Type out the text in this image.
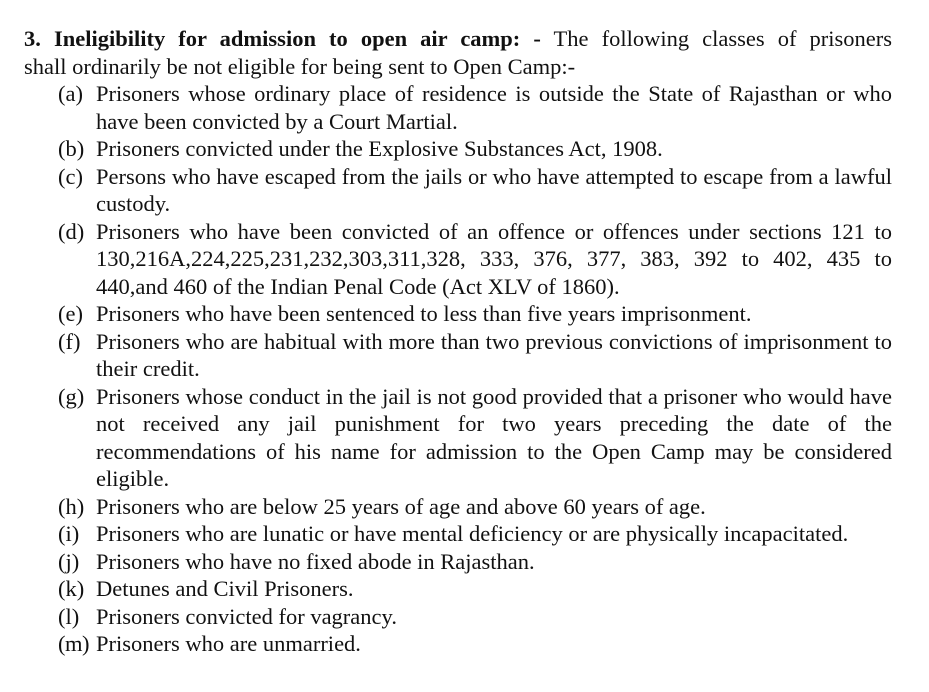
3. Ineligibility for admission to open air camp: - The following classes of prisoners
shall ordinarily be not eligible for being sent to Open Camp:-

(a) Prisoners whose ordinary place of residence is outside the State of Rajasthan or who have been convicted by a Court Martial.
(b) Prisoners convicted under the Explosive Substances Act, 1908.
(c) Persons who have escaped from the jails or who have attempted to escape from a lawful custody.
(d) Prisoners who have been convicted of an offence or offences under sections 121 to 130,216A,224,225,231,232,303,311,328, 333, 376, 377, 383, 392 to 402, 435 to 440,and 460 of the Indian Penal Code (Act XLV of 1860).
(e) Prisoners who have been sentenced to less than five years imprisonment.
(f) Prisoners who are habitual with more than two previous convictions of imprisonment to their credit.
(g) Prisoners whose conduct in the jail is not good provided that a prisoner who would have not received any jail punishment for two years preceding the date of the recommendations of his name for admission to the Open Camp may be considered eligible.
(h) Prisoners who are below 25 years of age and above 60 years of age.
(i) Prisoners who are lunatic or have mental deficiency or are physically incapacitated.
(j) Prisoners who have no fixed abode in Rajasthan.
(k) Detunes and Civil Prisoners.
(l) Prisoners convicted for vagrancy.
(m) Prisoners who are unmarried.
